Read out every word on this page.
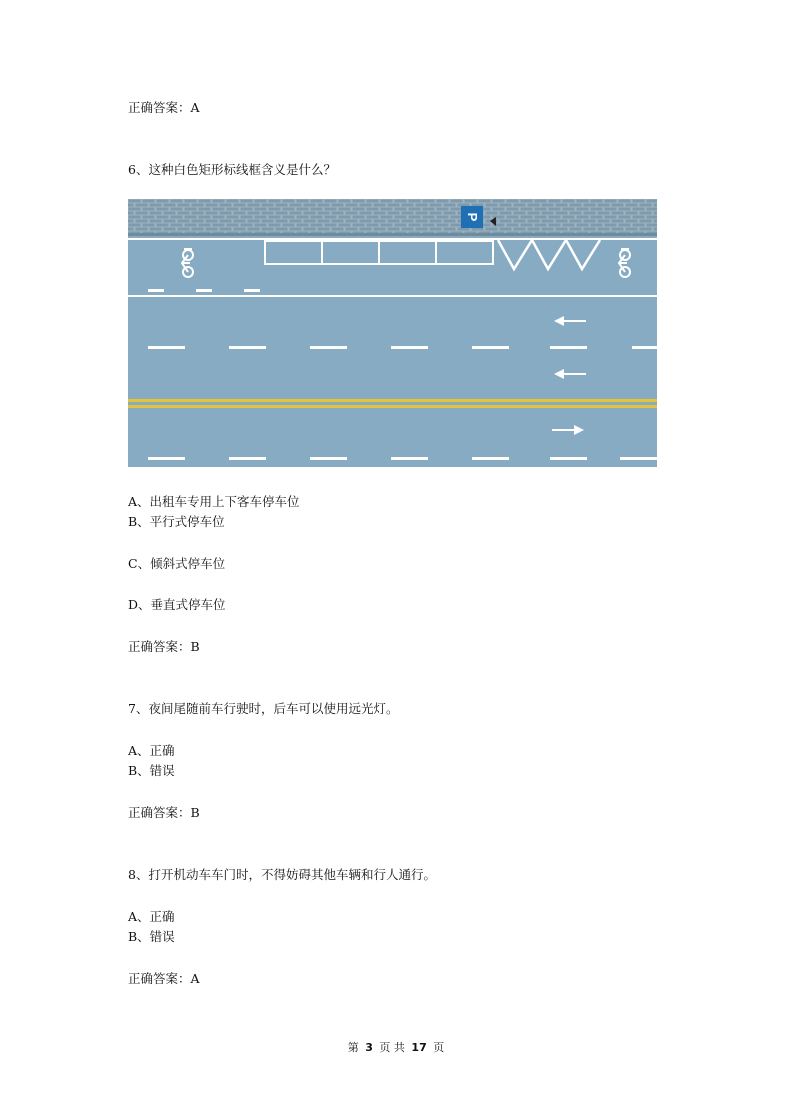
正确答案：A
6、这种白色矩形标线框含义是什么？
P
A、出租车专用上下客车停车位
B、平行式停车位
C、倾斜式停车位
D、垂直式停车位
正确答案：B
7、夜间尾随前车行驶时，后车可以使用远光灯。
A、正确
B、错误
正确答案：B
8、打开机动车车门时，不得妨碍其他车辆和行人通行。
A、正确
B、错误
正确答案：A
第 3 页 共 17 页
